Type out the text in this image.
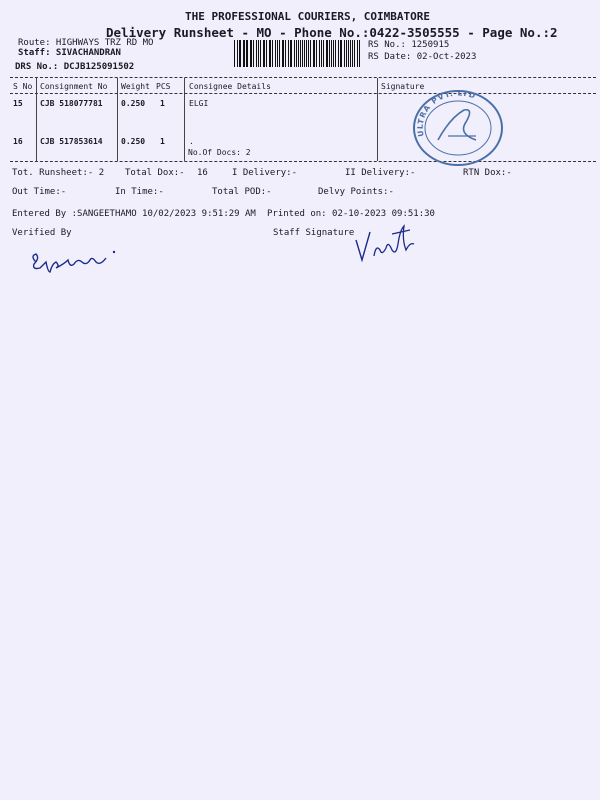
THE PROFESSIONAL COURIERS, COIMBATORE
Delivery Runsheet - MO - Phone No.:0422-3505555 - Page No.:2
Route: HIGHWAYS TRZ RD MO
Staff: SIVACHANDRAN
DRS No.: DCJB125091502
RS No.: 1250915
RS Date: 02-Oct-2023
S No Consignment No Weight PCS Consignee Details	Signature
15 CJB 518077781 0.250 1	ELGI
16 CJB 517853614 0.250 1	.
No.Of Docs: 2
ULTRA PVT. LTD
Tot. Runsheet:- 2 Total Dox:- 16	I Delivery:-	II Delivery:-	RTN Dox:-
Out Time:-	In Time:-	Total POD:-	Delvy Points:-
Entered By :SANGEETHAMO 10/02/2023 9:51:29 AM Printed on: 02-10-2023 09:51:30
Verified By	Staff Signature
